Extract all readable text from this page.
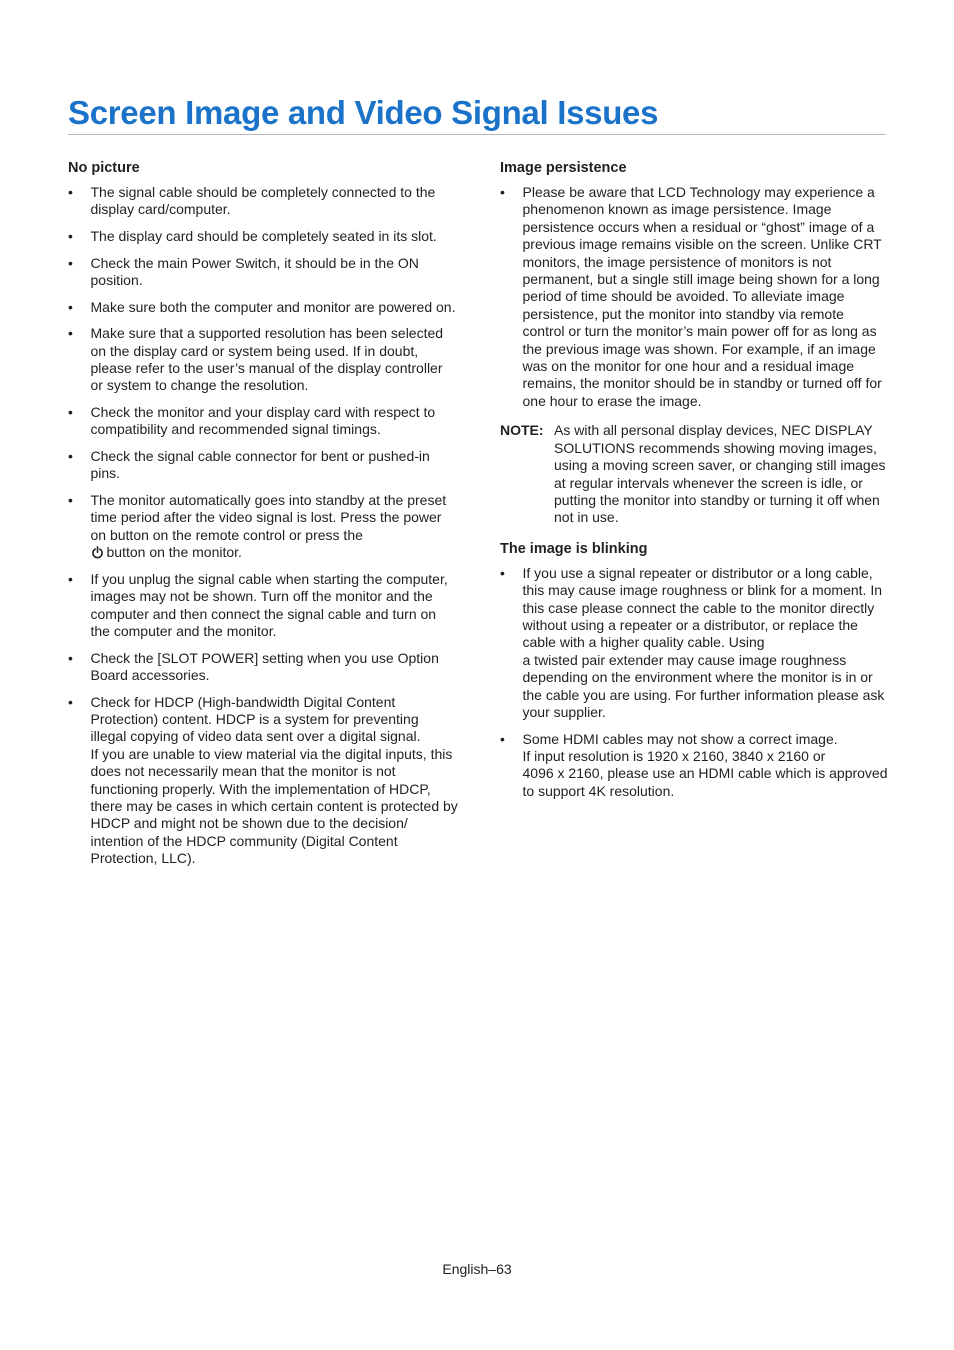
Screen Image and Video Signal Issues
No picture
• The signal cable should be completely connected to the display card/computer.
• The display card should be completely seated in its slot.
• Check the main Power Switch, it should be in the ON position.
• Make sure both the computer and monitor are powered on.
• Make sure that a supported resolution has been selected on the display card or system being used. If in doubt, please refer to the user’s manual of the display controller or system to change the resolution.
• Check the monitor and your display card with respect to compatibility and recommended signal timings.
• Check the signal cable connector for bent or pushed-in pins.
• The monitor automatically goes into standby at the preset time period after the video signal is lost. Press the power on button on the remote control or press the
button on the monitor.
• If you unplug the signal cable when starting the computer, images may not be shown. Turn off the monitor and the computer and then connect the signal cable and turn on the computer and the monitor.
• Check the [SLOT POWER] setting when you use Option Board accessories.
• Check for HDCP (High-bandwidth Digital Content Protection) content. HDCP is a system for preventing illegal copying of video data sent over a digital signal.
If you are unable to view material via the digital inputs, this does not necessarily mean that the monitor is not functioning properly. With the implementation of HDCP, there may be cases in which certain content is protected by HDCP and might not be shown due to the decision/ intention of the HDCP community (Digital Content Protection, LLC).
Image persistence
• Please be aware that LCD Technology may experience a phenomenon known as image persistence. Image persistence occurs when a residual or “ghost” image of a previous image remains visible on the screen. Unlike CRT monitors, the image persistence of monitors is not permanent, but a single still image being shown for a long period of time should be avoided. To alleviate image persistence, put the monitor into standby via remote control or turn the monitor’s main power off for as long as the previous image was shown. For example, if an image was on the monitor for one hour and a residual image remains, the monitor should be in standby or turned off for one hour to erase the image.
NOTE: As with all personal display devices, NEC DISPLAY SOLUTIONS recommends showing moving images, using a moving screen saver, or changing still images at regular intervals whenever the screen is idle, or putting the monitor into standby or turning it off when not in use.
The image is blinking
• If you use a signal repeater or distributor or a long cable, this may cause image roughness or blink for a moment. In this case please connect the cable to the monitor directly without using a repeater or a distributor, or replace the cable with a higher quality cable. Using
a twisted pair extender may cause image roughness depending on the environment where the monitor is in or the cable you are using. For further information please ask your supplier.
• Some HDMI cables may not show a correct image.
If input resolution is 1920 x 2160, 3840 x 2160 or
4096 x 2160, please use an HDMI cable which is approved to support 4K resolution.
English–63
